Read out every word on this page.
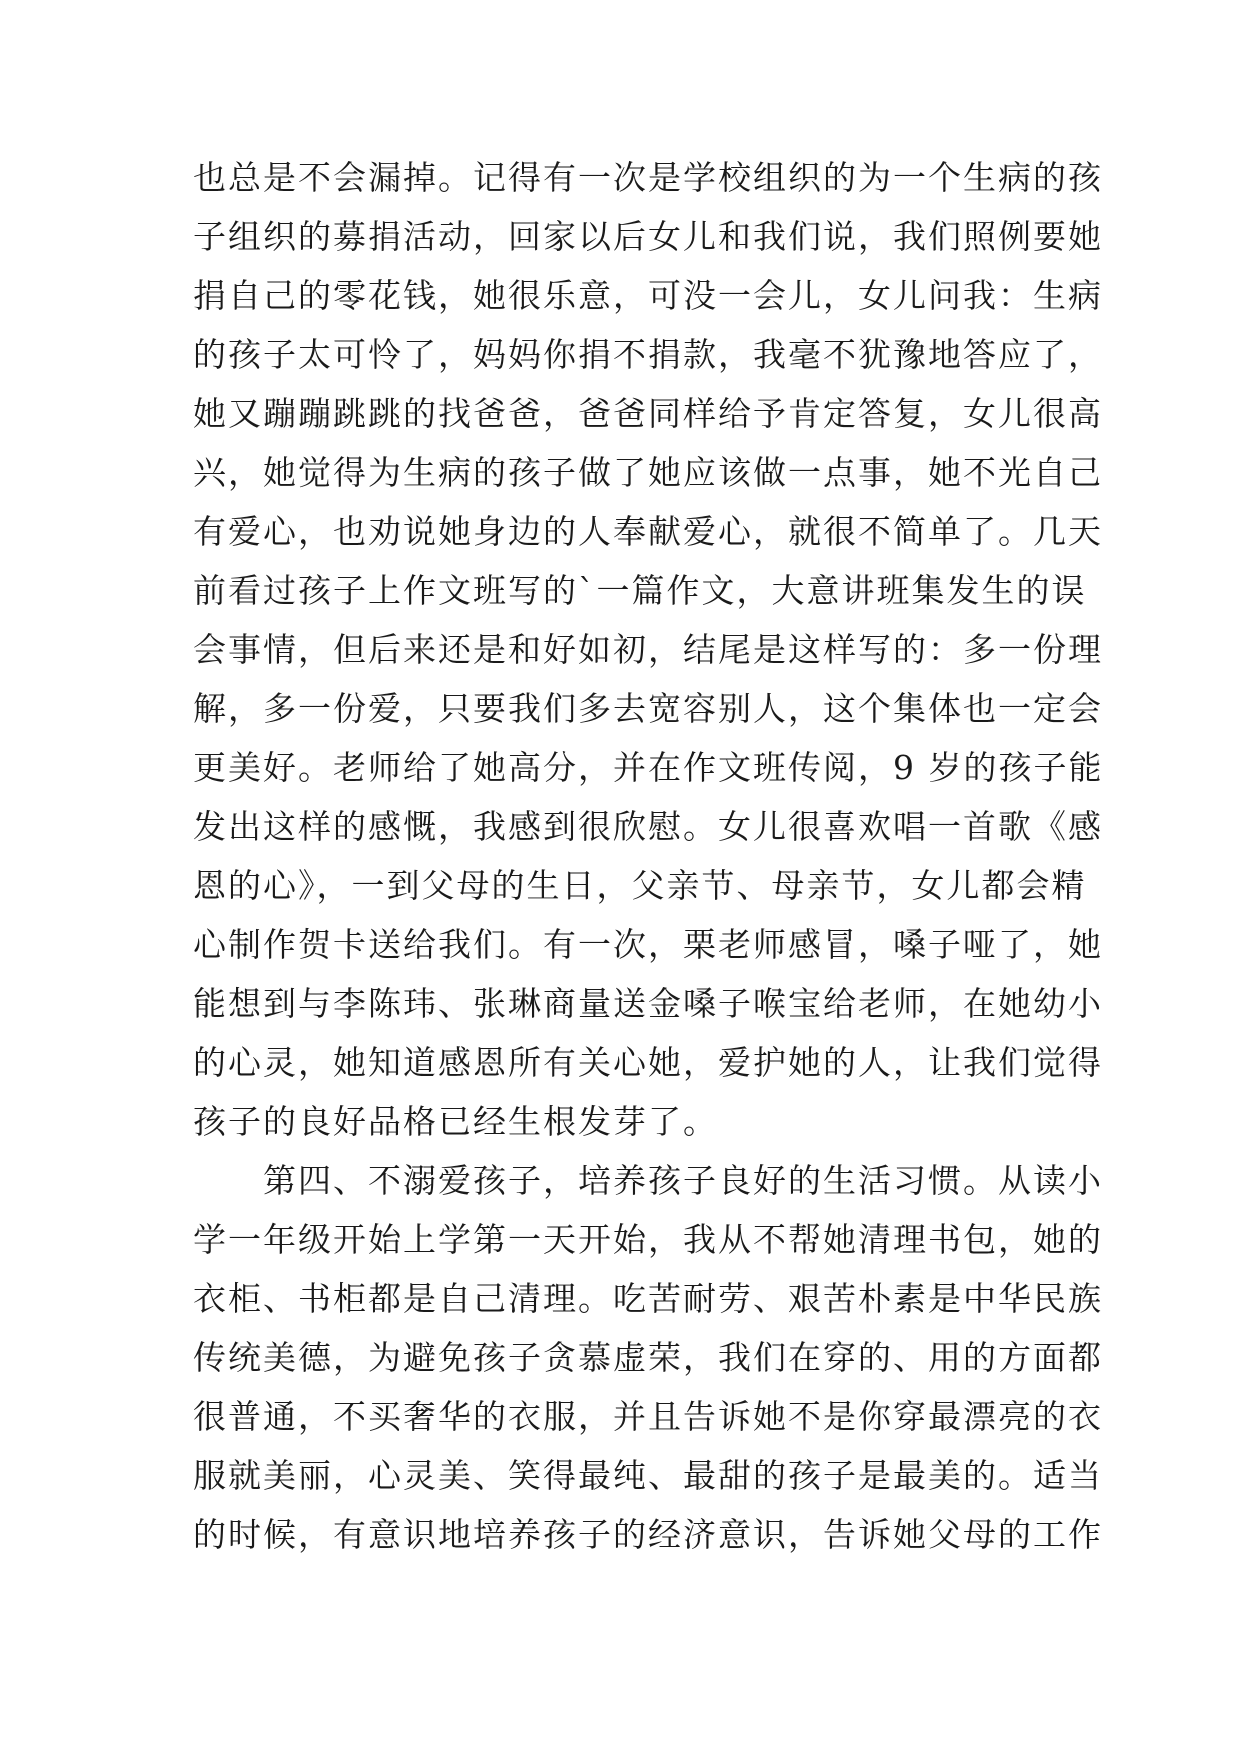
也总是不会漏掉。记得有一次是学校组织的为一个生病的孩
子组织的募捐活动，回家以后女儿和我们说，我们照例要她
捐自己的零花钱，她很乐意，可没一会儿，女儿问我：生病
的孩子太可怜了，妈妈你捐不捐款，我毫不犹豫地答应了，
她又蹦蹦跳跳的找爸爸，爸爸同样给予肯定答复，女儿很高
兴，她觉得为生病的孩子做了她应该做一点事，她不光自己
有爱心，也劝说她身边的人奉献爱心，就很不简单了。几天
前看过孩子上作文班写的`一篇作文，大意讲班集发生的误
会事情，但后来还是和好如初，结尾是这样写的：多一份理
解，多一份爱，只要我们多去宽容别人，这个集体也一定会
更美好。老师给了她高分，并在作文班传阅，9 岁的孩子能
发出这样的感慨，我感到很欣慰。女儿很喜欢唱一首歌《感
恩的心》，一到父母的生日，父亲节、母亲节，女儿都会精
心制作贺卡送给我们。有一次，栗老师感冒，嗓子哑了，她
能想到与李陈玮、张琳商量送金嗓子喉宝给老师，在她幼小
的心灵，她知道感恩所有关心她，爱护她的人，让我们觉得
孩子的良好品格已经生根发芽了。
　　第四、不溺爱孩子，培养孩子良好的生活习惯。从读小
学一年级开始上学第一天开始，我从不帮她清理书包，她的
衣柜、书柜都是自己清理。吃苦耐劳、艰苦朴素是中华民族
传统美德，为避免孩子贪慕虚荣，我们在穿的、用的方面都
很普通，不买奢华的衣服，并且告诉她不是你穿最漂亮的衣
服就美丽，心灵美、笑得最纯、最甜的孩子是最美的。适当
的时候，有意识地培养孩子的经济意识，告诉她父母的工作
